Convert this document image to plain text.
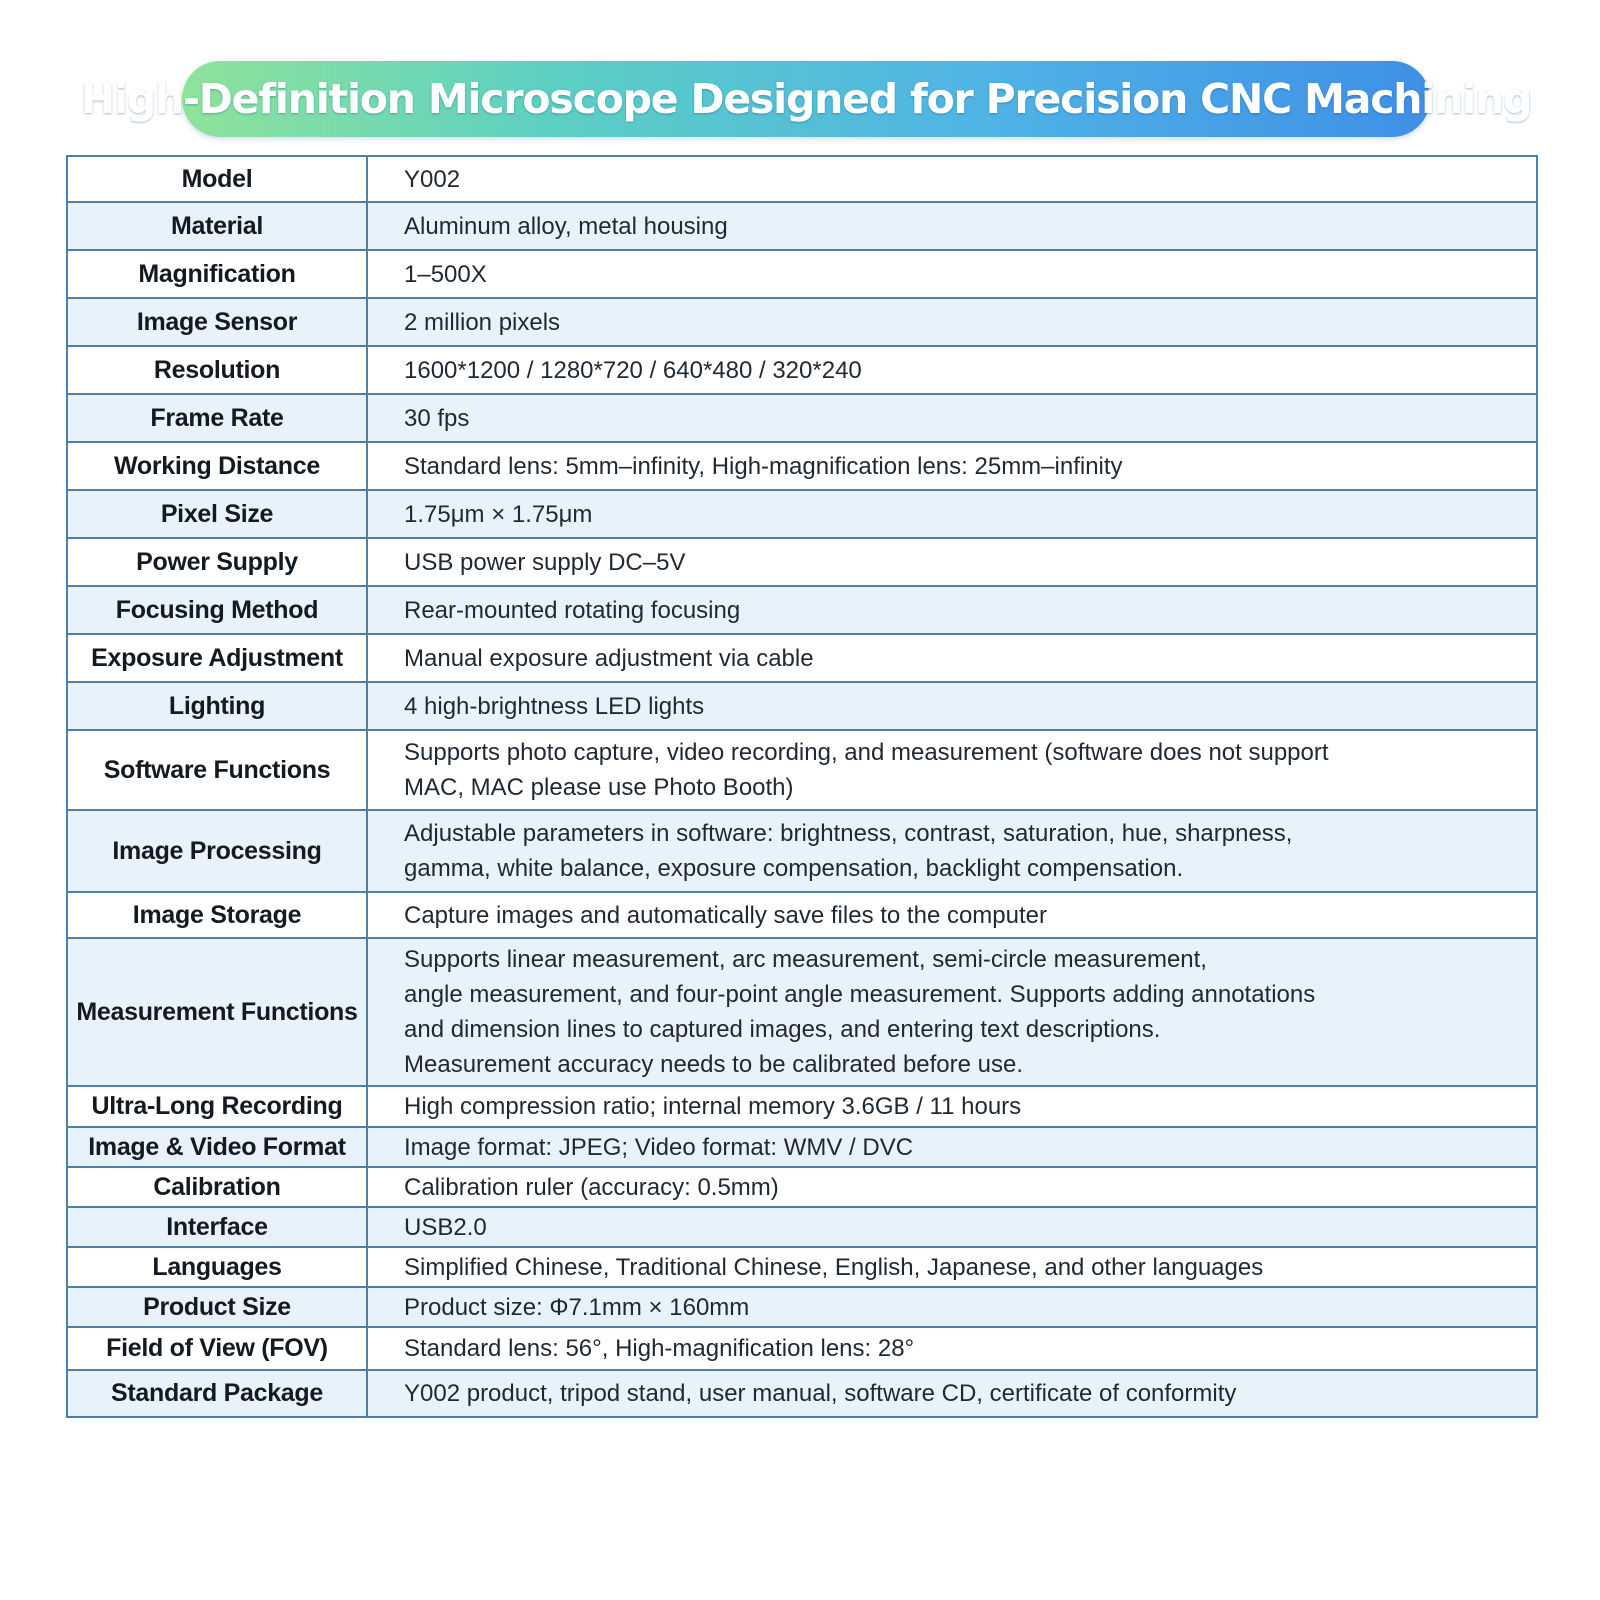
High-Definition Microscope Designed for Precision CNC Machining
Model	Y002

Material	Aluminum alloy, metal housing

Magnification	1–500X

Image Sensor	2 million pixels

Resolution	1600*1200 / 1280*720 / 640*480 / 320*240

Frame Rate	30 fps

Working Distance	Standard lens: 5mm–infinity, High-magnification lens: 25mm–infinity

Pixel Size	1.75μm × 1.75μm

Power Supply	USB power supply DC–5V

Focusing Method	Rear-mounted rotating focusing

Exposure Adjustment	Manual exposure adjustment via cable

Lighting	4 high-brightness LED lights

Software Functions	Supports photo capture, video recording, and measurement (software does not support
MAC, MAC please use Photo Booth)

Image Processing	Adjustable parameters in software: brightness, contrast, saturation, hue, sharpness,
gamma, white balance, exposure compensation, backlight compensation.

Image Storage	Capture images and automatically save files to the computer

Measurement Functions	Supports linear measurement, arc measurement, semi-circle measurement,
angle measurement, and four-point angle measurement. Supports adding annotations
and dimension lines to captured images, and entering text descriptions.
Measurement accuracy needs to be calibrated before use.

Ultra-Long Recording	High compression ratio; internal memory 3.6GB / 11 hours

Image & Video Format	Image format: JPEG; Video format: WMV / DVC

Calibration	Calibration ruler (accuracy: 0.5mm)

Interface	USB2.0

Languages	Simplified Chinese, Traditional Chinese, English, Japanese, and other languages

Product Size	Product size: Φ7.1mm × 160mm

Field of View (FOV)	Standard lens: 56°, High-magnification lens: 28°

Standard Package	Y002 product, tripod stand, user manual, software CD, certificate of conformity
